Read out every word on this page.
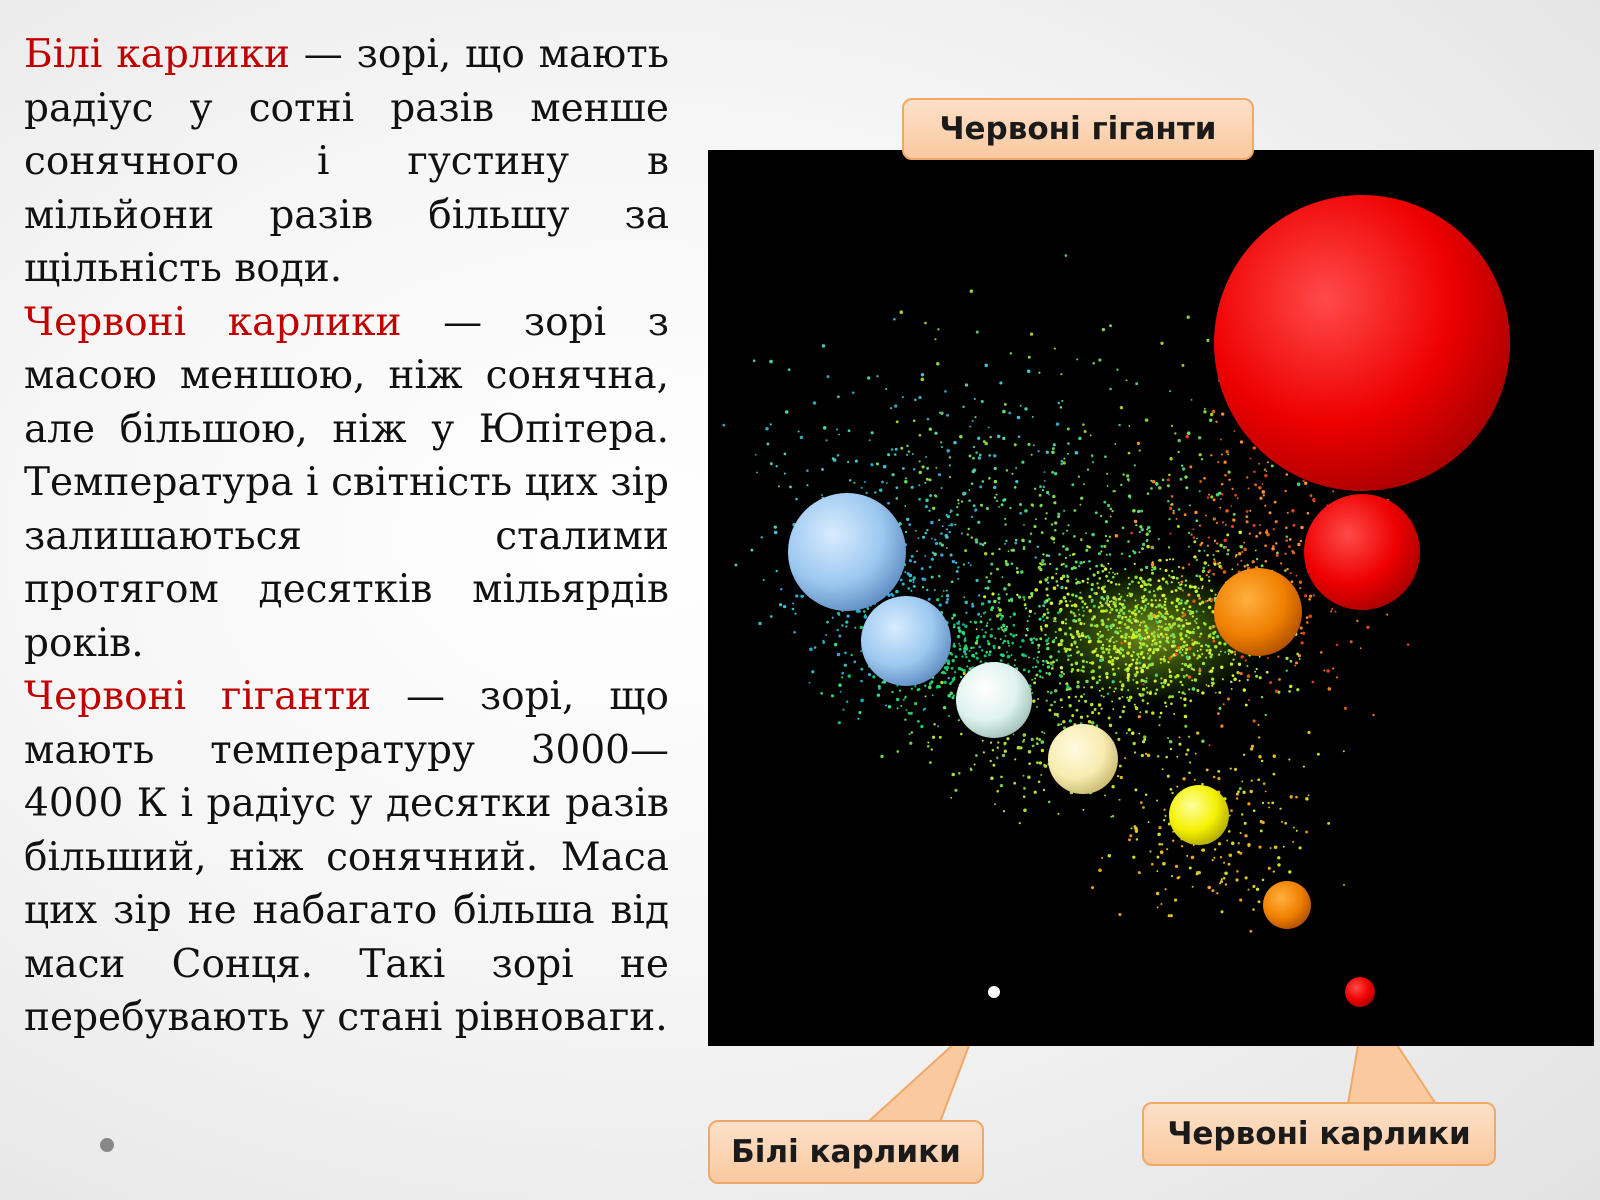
Білі карлики — зорі, що мають радіус у сотні разів менше сонячного і густину в мільйони разів більшу за щільність води.

Червоні карлики — зорі з масою меншою, ніж сонячна, але більшою, ніж у Юпітера. Температура і світність цих зір залишаються сталими протягом десятків мільярдів років.

Червоні гіганти — зорі, що мають температуру 3000—4000 К і радіус у десятки разів більший, ніж сонячний. Маса цих зір не набагато більша від маси Сонця. Такі зорі не перебувають у стані рівноваги.

Червоні гіганти
Білі карлики	Червоні карлики
